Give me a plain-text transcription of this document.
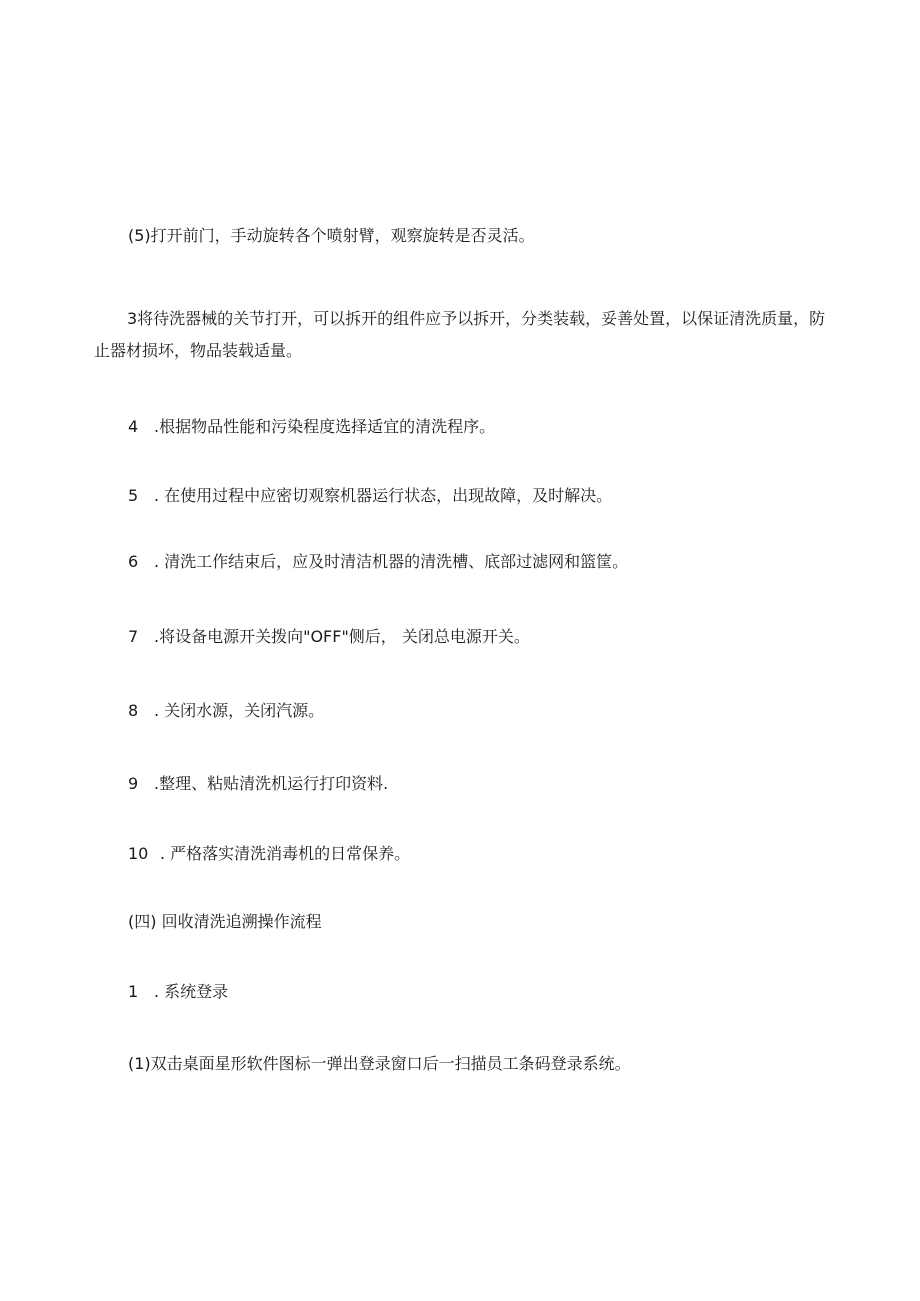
(5)打开前门，手动旋转各个喷射臂，观察旋转是否灵活。
3将待洗器械的关节打开，可以拆开的组件应予以拆开，分类装载，妥善处置，以保证清洗质量，防止器材损坏，物品装载适量。
4 .根据物品性能和污染程度选择适宜的清洗程序。
5 . 在使用过程中应密切观察机器运行状态，出现故障，及时解决。
6 . 清洗工作结束后，应及时清洁机器的清洗槽、底部过滤网和篮筐。
7 .将设备电源开关拨向"OFF"侧后， 关闭总电源开关。
8 . 关闭水源，关闭汽源。
9 .整理、粘贴清洗机运行打印资料.
10 . 严格落实清洗消毒机的日常保养。
(四) 回收清洗追溯操作流程
1 . 系统登录
(1)双击桌面星形软件图标一弹出登录窗口后一扫描员工条码登录系统。
